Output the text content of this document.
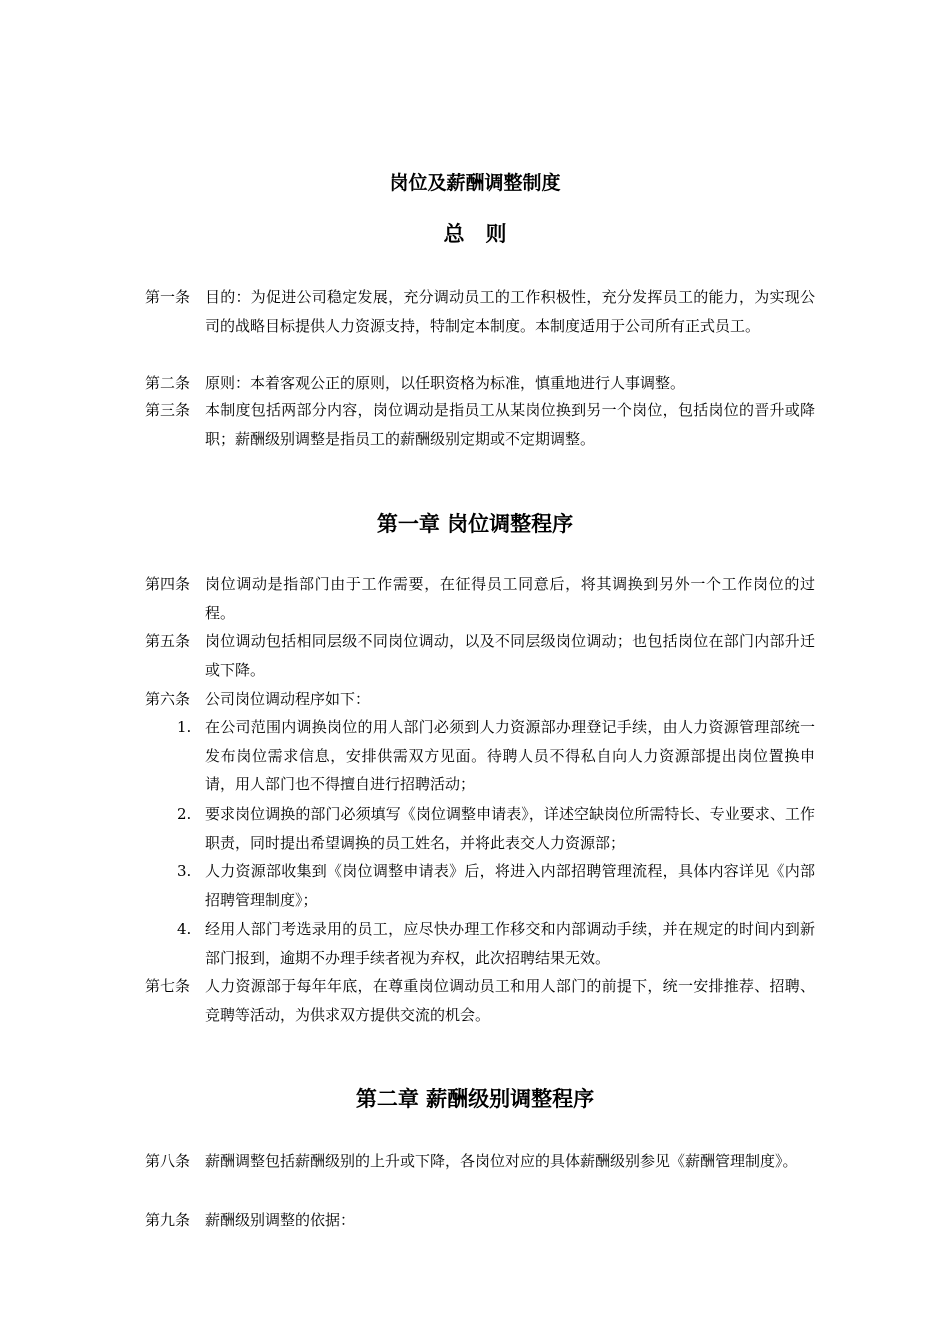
岗位及薪酬调整制度
总　则
第一条 目的：为促进公司稳定发展，充分调动员工的工作积极性，充分发挥员工的能力，为实现公司的战略目标提供人力资源支持，特制定本制度。本制度适用于公司所有正式员工。
第二条 原则：本着客观公正的原则，以任职资格为标准，慎重地进行人事调整。
第三条 本制度包括两部分内容，岗位调动是指员工从某岗位换到另一个岗位，包括岗位的晋升或降职；薪酬级别调整是指员工的薪酬级别定期或不定期调整。
第一章 岗位调整程序
第四条 岗位调动是指部门由于工作需要，在征得员工同意后，将其调换到另外一个工作岗位的过程。
第五条 岗位调动包括相同层级不同岗位调动，以及不同层级岗位调动；也包括岗位在部门内部升迁或下降。
第六条 公司岗位调动程序如下：
1. 在公司范围内调换岗位的用人部门必须到人力资源部办理登记手续，由人力资源管理部统一发布岗位需求信息，安排供需双方见面。待聘人员不得私自向人力资源部提出岗位置换申请，用人部门也不得擅自进行招聘活动；
2. 要求岗位调换的部门必须填写《岗位调整申请表》，详述空缺岗位所需特长、专业要求、工作职责，同时提出希望调换的员工姓名，并将此表交人力资源部；
3. 人力资源部收集到《岗位调整申请表》后，将进入内部招聘管理流程，具体内容详见《内部招聘管理制度》；
4. 经用人部门考选录用的员工，应尽快办理工作移交和内部调动手续，并在规定的时间内到新部门报到，逾期不办理手续者视为弃权，此次招聘结果无效。
第七条 人力资源部于每年年底，在尊重岗位调动员工和用人部门的前提下，统一安排推荐、招聘、竞聘等活动，为供求双方提供交流的机会。
第二章 薪酬级别调整程序
第八条 薪酬调整包括薪酬级别的上升或下降，各岗位对应的具体薪酬级别参见《薪酬管理制度》。
第九条 薪酬级别调整的依据：
